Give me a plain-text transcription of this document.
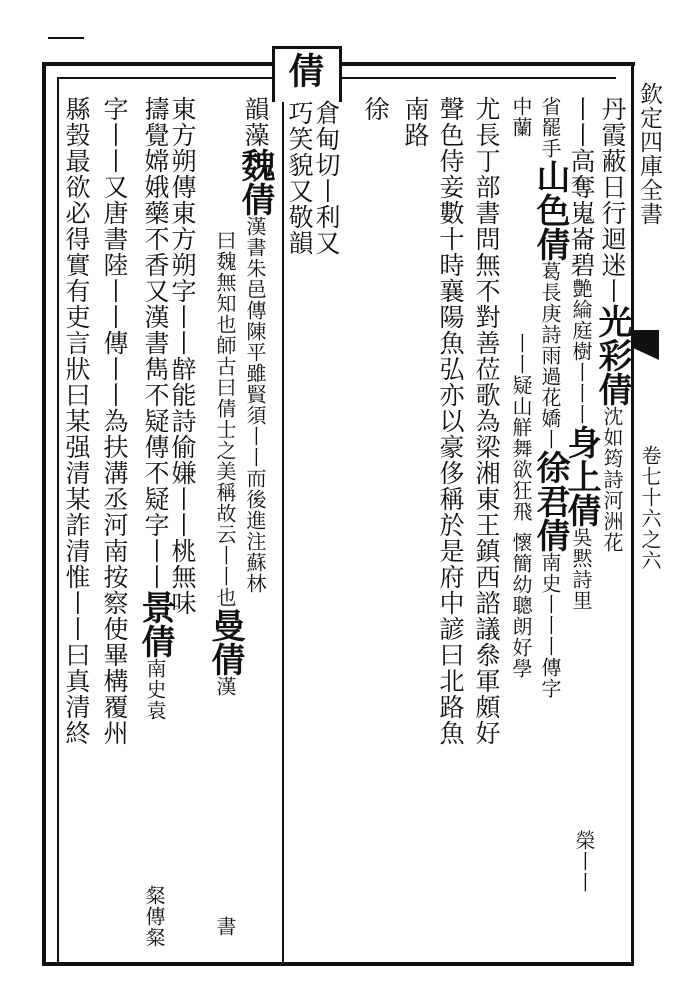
欽定四庫全書
卷七十六之六
倩
丹霞蔽日行迴迷丨光彩倩沈如筠詩河洲花
丨丨高奪嵬崙碧艶綸庭樹丨丨丨身上倩吳黙詩里
榮丨丨
省罷手山色倩葛長庚詩雨過花嬌丨徐君倩南史丨丨丨傳字
中蘭丨丨疑山觧舞欲狂飛懷簡幼聰朗好學
尤長丁部書問無不對善莅歌為梁湘東王鎮西諮議叅軍頗好
聲色侍妾數十時襄陽魚弘亦以豪侈稱於是府中諺曰北路魚
南路
徐
倉甸切丨利又
巧笑貌又敬韻
韻藻魏倩漢書朱邑傳陳平雖賢須丨丨而後進注蘇林
曰魏無知也師古曰倩士之美稱故云丨丨也曼倩漢
書
東方朔傳東方朔字丨丨辪能詩偷嫌丨丨桃無味
擣覺嫦娥藥不香又漢書雋不疑傳不疑字丨丨景倩南史袁
粲傳粲
字丨丨又唐書陸丨丨傳丨丨為扶溝丞河南按察使畢構覆州
縣㲄最欲必得實有吏言狀曰某强清某詐清惟丨丨曰真清終
